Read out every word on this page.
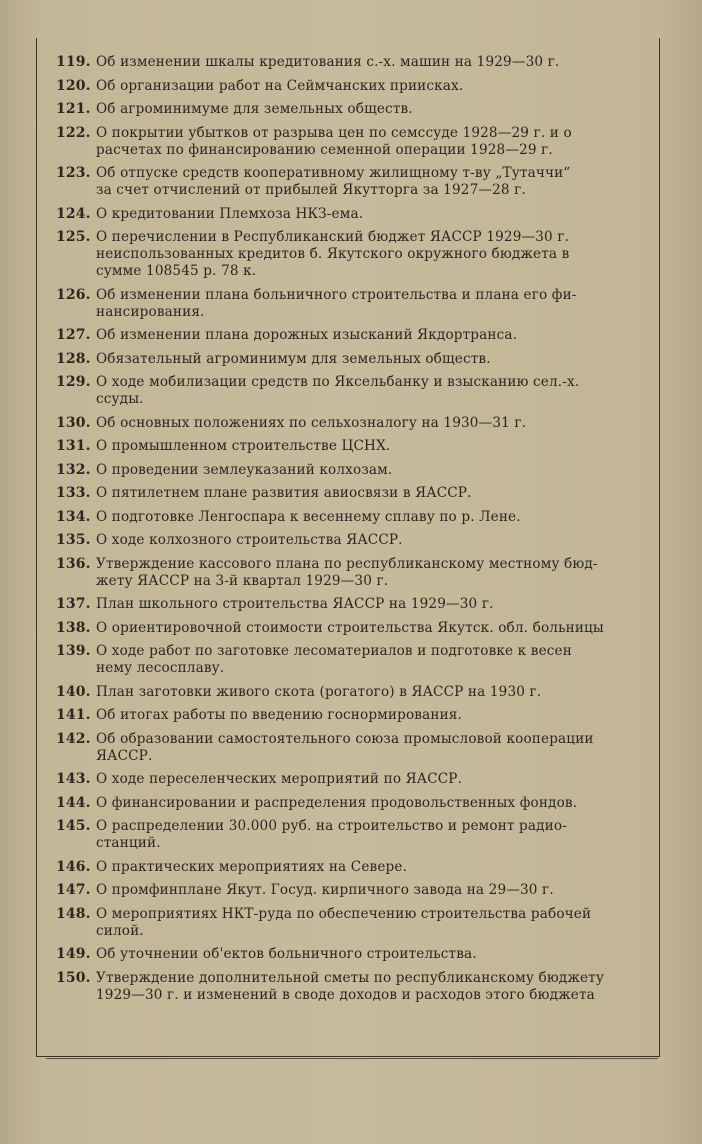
119. Об изменении шкалы кредитования с.-х. машин на 1929—30 г.
120. Об организации работ на Сеймчанских приисках.
121. Об агроминимуме для земельных обществ.
122. О покрытии убытков от разрыва цен по семссуде 1928—29 г. и о
расчетах по финансированию семенной операции 1928—29 г.
123. Об отпуске средств кооперативному жилищному т-ву „Тутаччи“
за счет отчислений от прибылей Якутторга за 1927—28 г.
124. О кредитовании Племхоза НКЗ-ема.
125. О перечислении в Республиканский бюджет ЯАССР 1929—30 г.
неиспользованных кредитов б. Якутского окружного бюджета в
сумме 108545 р. 78 к.
126. Об изменении плана больничного строительства и плана его фи-
нансирования.
127. Об изменении плана дорожных изысканий Якдортранса.
128. Обязательный агроминимум для земельных обществ.
129. О ходе мобилизации средств по Яксельбанку и взысканию сел.-х.
ссуды.
130. Об основных положениях по сельхозналогу на 1930—31 г.
131. О промышленном строительстве ЦСНХ.
132. О проведении землеуказаний колхозам.
133. О пятилетнем плане развития авиосвязи в ЯАССР.
134. О подготовке Ленгоспара к весеннему сплаву по р. Лене.
135. О ходе колхозного строительства ЯАССР.
136. Утверждение кассового плана по республиканскому местному бюд-
жету ЯАССР на 3-й квартал 1929—30 г.
137. План школьного строительства ЯАССР на 1929—30 г.
138. О ориентировочной стоимости строительства Якутск. обл. больницы
139. О ходе работ по заготовке лесоматериалов и подготовке к весен
нему лесосплаву.
140. План заготовки живого скота (рогатого) в ЯАССР на 1930 г.
141. Об итогах работы по введению госнормирования.
142. Об образовании самостоятельного союза промысловой кооперации
ЯАССР.
143. О ходе переселенческих мероприятий по ЯАССР.
144. О финансировании и распределения продовольственных фондов.
145. О распределении 30.000 руб. на строительство и ремонт радио-
станций.
146. О практических мероприятиях на Севере.
147. О промфинплане Якут. Госуд. кирпичного завода на 29—30 г.
148. О мероприятиях НКТ-руда по обеспечению строительства рабочей
силой.
149. Об уточнении об'ектов больничного строительства.
150. Утверждение дополнительной сметы по республиканскому бюджету
1929—30 г. и изменений в своде доходов и расходов этого бюджета
